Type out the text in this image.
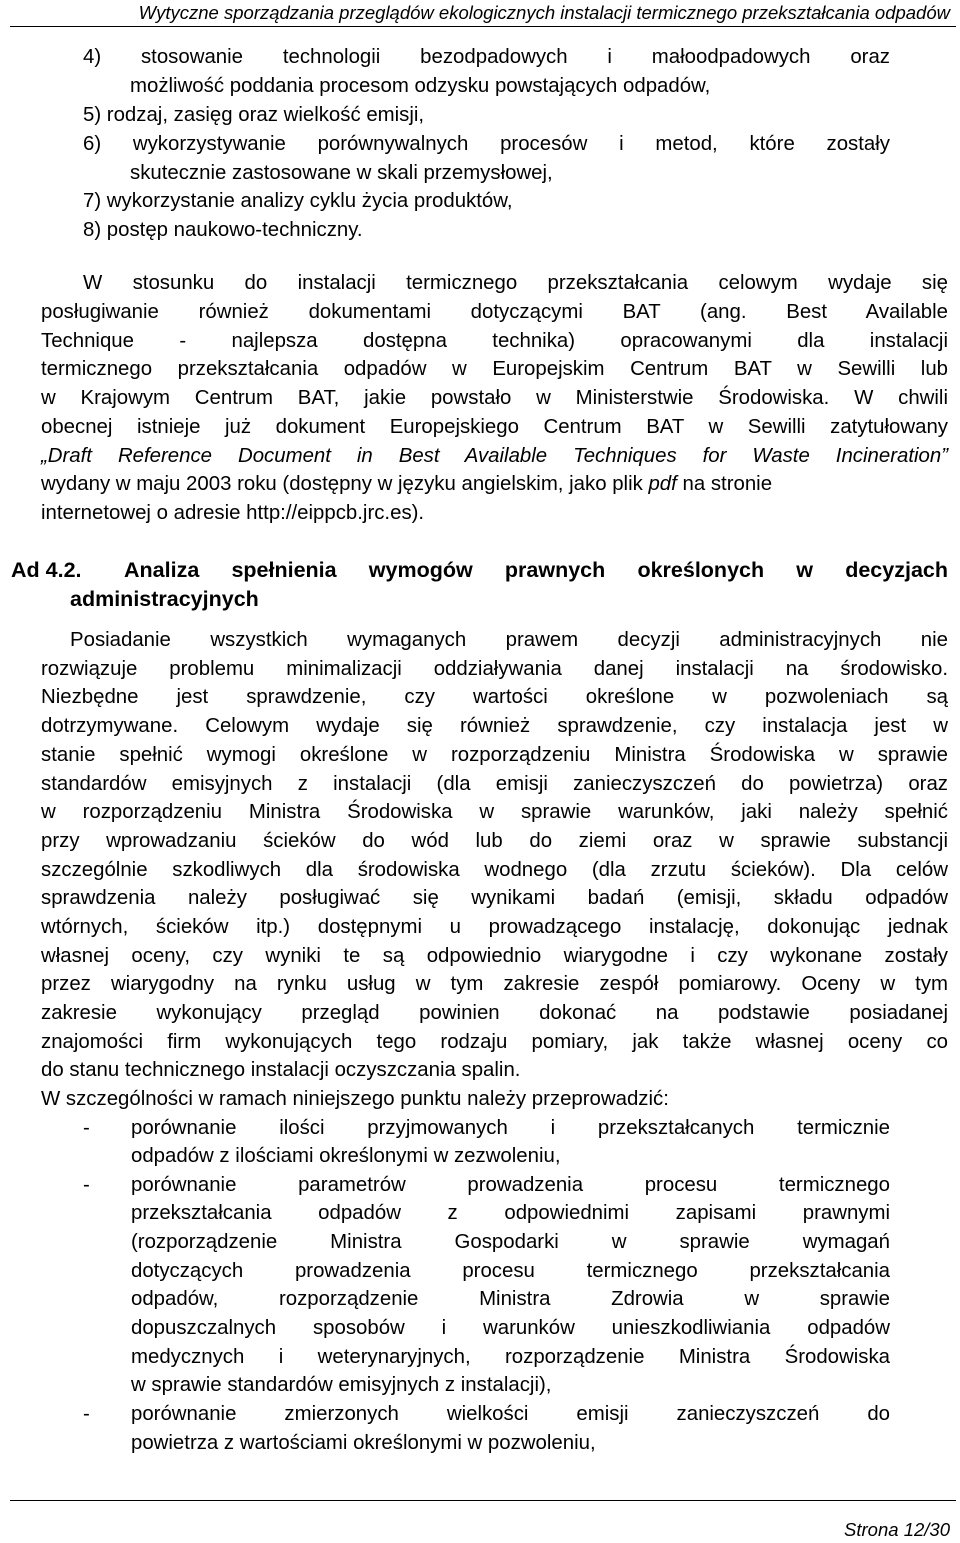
Wytyczne sporządzania przeglądów ekologicznych instalacji termicznego przekształcania odpadów
4) stosowanie technologii bezodpadowych i małoodpadowych oraz
możliwość poddania procesom odzysku powstających odpadów,
5) rodzaj, zasięg oraz wielkość emisji,
6) wykorzystywanie porównywalnych procesów i metod, które zostały
skutecznie zastosowane w skali przemysłowej,
7) wykorzystanie analizy cyklu życia produktów,
8) postęp naukowo-techniczny.
W stosunku do instalacji termicznego przekształcania celowym wydaje się
posługiwanie również dokumentami dotyczącymi BAT (ang. Best Available
Technique - najlepsza dostępna technika) opracowanymi dla instalacji
termicznego przekształcania odpadów w Europejskim Centrum BAT w Sewilli lub
w Krajowym Centrum BAT, jakie powstało w Ministerstwie Środowiska. W chwili
obecnej istnieje już dokument Europejskiego Centrum BAT w Sewilli zatytułowany
„Draft Reference Document in Best Available Techniques for Waste Incineration”
wydany w maju 2003 roku (dostępny w języku angielskim, jako plik pdf na stronie
internetowej o adresie http://eippcb.jrc.es).
Ad 4.2. Analiza spełnienia wymogów prawnych określonych w decyzjach
administracyjnych
Posiadanie wszystkich wymaganych prawem decyzji administracyjnych nie
rozwiązuje problemu minimalizacji oddziaływania danej instalacji na środowisko.
Niezbędne jest sprawdzenie, czy wartości określone w pozwoleniach są
dotrzymywane. Celowym wydaje się również sprawdzenie, czy instalacja jest w
stanie spełnić wymogi określone w rozporządzeniu Ministra Środowiska w sprawie
standardów emisyjnych z instalacji (dla emisji zanieczyszczeń do powietrza) oraz
w rozporządzeniu Ministra Środowiska w sprawie warunków, jaki należy spełnić
przy wprowadzaniu ścieków do wód lub do ziemi oraz w sprawie substancji
szczególnie szkodliwych dla środowiska wodnego (dla zrzutu ścieków). Dla celów
sprawdzenia należy posługiwać się wynikami badań (emisji, składu odpadów
wtórnych, ścieków itp.) dostępnymi u prowadzącego instalację, dokonując jednak
własnej oceny, czy wyniki te są odpowiednio wiarygodne i czy wykonane zostały
przez wiarygodny na rynku usług w tym zakresie zespół pomiarowy. Oceny w tym
zakresie wykonujący przegląd powinien dokonać na podstawie posiadanej
znajomości firm wykonujących tego rodzaju pomiary, jak także własnej oceny co
do stanu technicznego instalacji oczyszczania spalin.
W szczególności w ramach niniejszego punktu należy przeprowadzić:
- porównanie ilości przyjmowanych i przekształcanych termicznie
odpadów z ilościami określonymi w zezwoleniu,
- porównanie parametrów prowadzenia procesu termicznego
przekształcania odpadów z odpowiednimi zapisami prawnymi
(rozporządzenie Ministra Gospodarki w sprawie wymagań
dotyczących prowadzenia procesu termicznego przekształcania
odpadów, rozporządzenie Ministra Zdrowia w sprawie
dopuszczalnych sposobów i warunków unieszkodliwiania odpadów
medycznych i weterynaryjnych, rozporządzenie Ministra Środowiska
w sprawie standardów emisyjnych z instalacji),
- porównanie zmierzonych wielkości emisji zanieczyszczeń do
powietrza z wartościami określonymi w pozwoleniu,
Strona 12/30
